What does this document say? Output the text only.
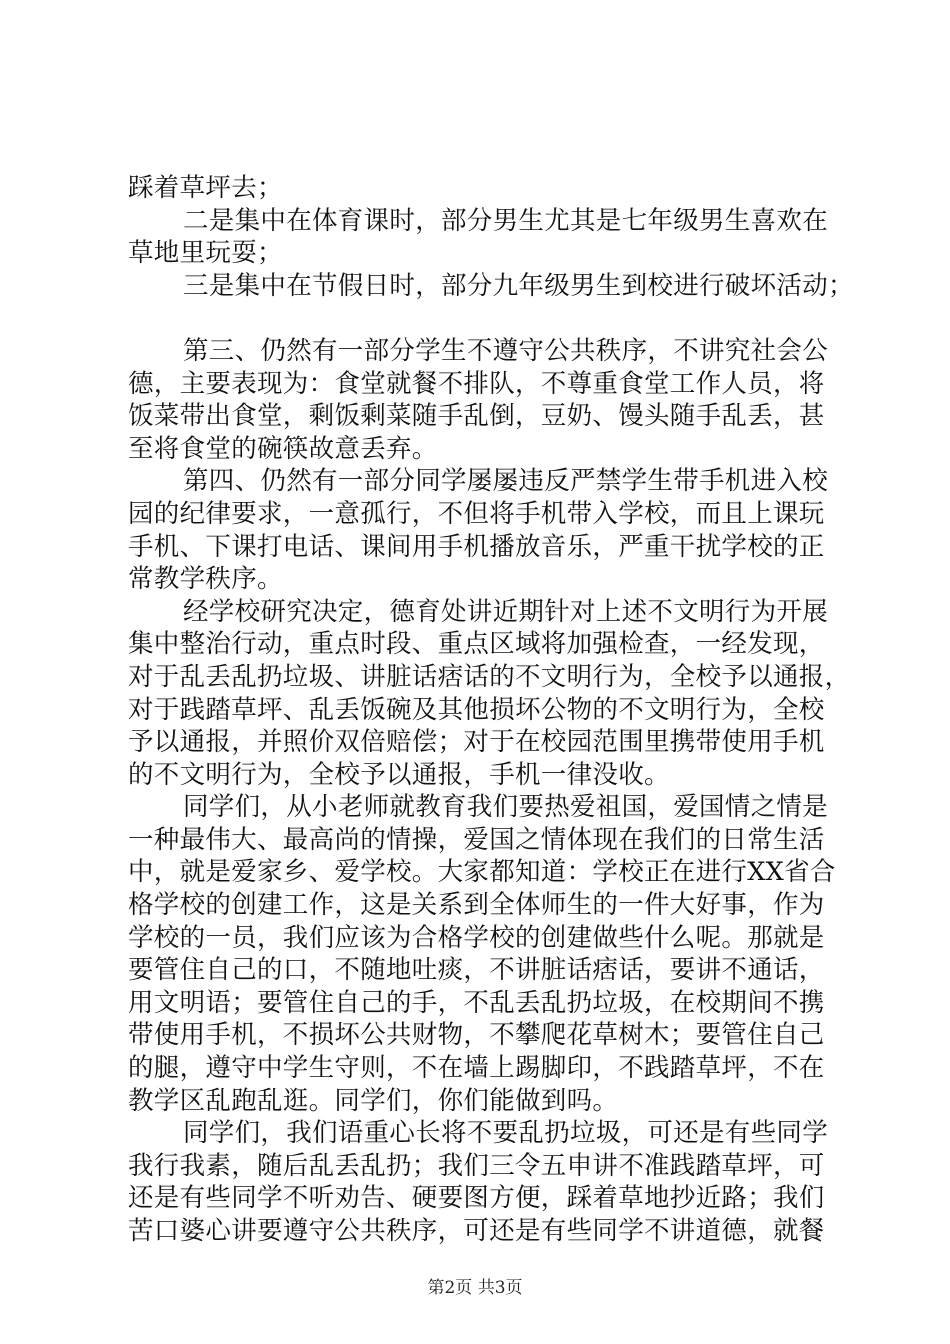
踩着草坪去；
二是集中在体育课时，部分男生尤其是七年级男生喜欢在
草地里玩耍；
三是集中在节假日时，部分九年级男生到校进行破坏活动；
第三、仍然有一部分学生不遵守公共秩序，不讲究社会公
德，主要表现为：食堂就餐不排队，不尊重食堂工作人员，将
饭菜带出食堂，剩饭剩菜随手乱倒，豆奶、馒头随手乱丢，甚
至将食堂的碗筷故意丢弃。
第四、仍然有一部分同学屡屡违反严禁学生带手机进入校
园的纪律要求，一意孤行，不但将手机带入学校，而且上课玩
手机、下课打电话、课间用手机播放音乐，严重干扰学校的正
常教学秩序。
经学校研究决定，德育处讲近期针对上述不文明行为开展
集中整治行动，重点时段、重点区域将加强检查，一经发现，
对于乱丢乱扔垃圾、讲脏话痞话的不文明行为，全校予以通报，
对于践踏草坪、乱丢饭碗及其他损坏公物的不文明行为，全校
予以通报，并照价双倍赔偿；对于在校园范围里携带使用手机
的不文明行为，全校予以通报，手机一律没收。
同学们，从小老师就教育我们要热爱祖国，爱国情之情是
一种最伟大、最高尚的情操，爱国之情体现在我们的日常生活
中，就是爱家乡、爱学校。大家都知道：学校正在进行XX省合
格学校的创建工作，这是关系到全体师生的一件大好事，作为
学校的一员，我们应该为合格学校的创建做些什么呢。那就是
要管住自己的口，不随地吐痰，不讲脏话痞话，要讲不通话，
用文明语；要管住自己的手，不乱丢乱扔垃圾，在校期间不携
带使用手机，不损坏公共财物，不攀爬花草树木；要管住自己
的腿，遵守中学生守则，不在墙上踢脚印，不践踏草坪，不在
教学区乱跑乱逛。同学们，你们能做到吗。
同学们，我们语重心长将不要乱扔垃圾，可还是有些同学
我行我素，随后乱丢乱扔；我们三令五申讲不准践踏草坪，可
还是有些同学不听劝告、硬要图方便，踩着草地抄近路；我们
苦口婆心讲要遵守公共秩序，可还是有些同学不讲道德，就餐
第2页 共3页
